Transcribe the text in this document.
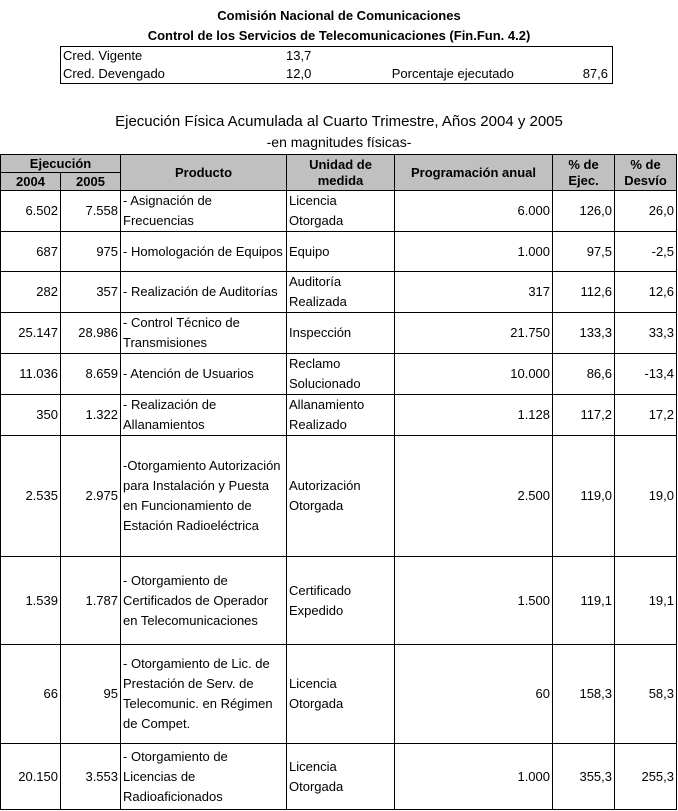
Comisión Nacional de Comunicaciones
Control de los Servicios de Telecomunicaciones (Fin.Fun. 4.2)
Cred. Vigente	13,7		
Cred. Devengado	12,0	Porcentaje ejecutado	87,6
Ejecución Física Acumulada al Cuarto Trimestre, Años 2004 y 2005
-en magnitudes físicas-
Ejecución		Producto	Unidad de medida	Programación anual	% de Ejec.	% de Desvío
2004	2005					
6.502	7.558	- Asignación de Frecuencias	Licencia Otorgada	6.000	126,0	26,0
687	975	- Homologación de Equipos	Equipo	1.000	97,5	-2,5
282	357	- Realización de Auditorías	Auditoría Realizada	317	112,6	12,6
25.147	28.986	- Control Técnico de Transmisiones	Inspección	21.750	133,3	33,3
11.036	8.659	- Atención de Usuarios	Reclamo Solucionado	10.000	86,6	-13,4
350	1.322	- Realización de Allanamientos	Allanamiento Realizado	1.128	117,2	17,2
2.535	2.975	-Otorgamiento Autorización para Instalación y Puesta en Funcionamiento de Estación Radioeléctrica	Autorización Otorgada	2.500	119,0	19,0
1.539	1.787	- Otorgamiento de Certificados de Operador en Telecomunicaciones	Certificado Expedido	1.500	119,1	19,1
66	95	- Otorgamiento de Lic. de Prestación de Serv. de Telecomunic. en Régimen de Compet.	Licencia Otorgada	60	158,3	58,3
20.150	3.553	- Otorgamiento de Licencias de Radioaficionados	Licencia Otorgada	1.000	355,3	255,3
